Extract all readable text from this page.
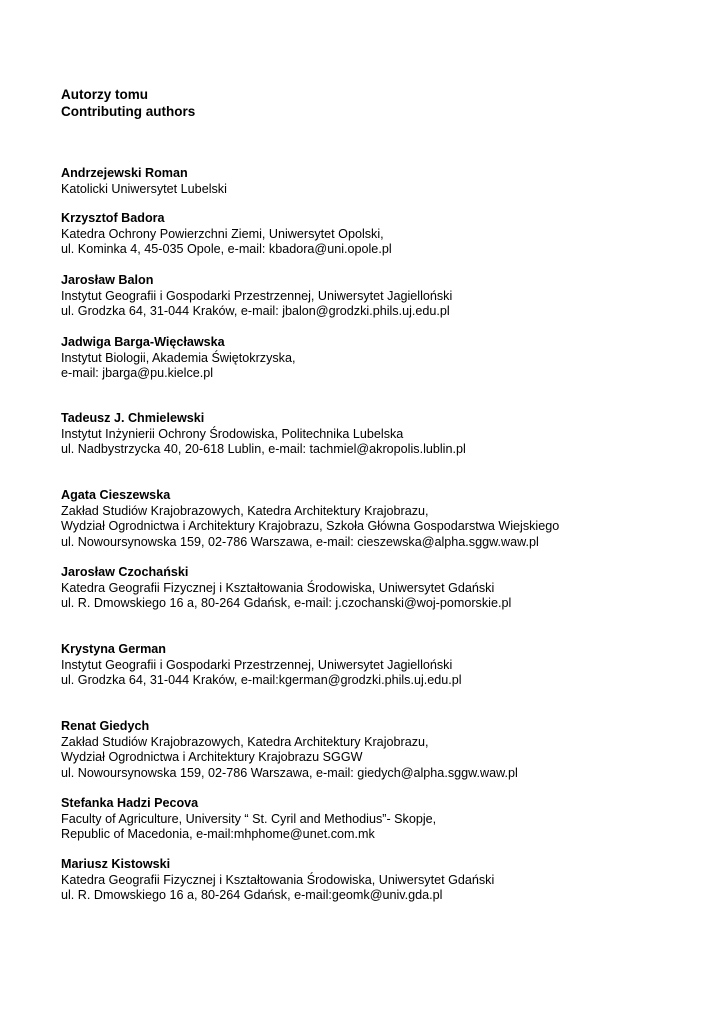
Autorzy tomu
Contributing authors
Andrzejewski Roman
Katolicki Uniwersytet Lubelski
Krzysztof Badora
Katedra Ochrony Powierzchni Ziemi, Uniwersytet Opolski,
ul. Kominka 4, 45-035 Opole, e-mail: kbadora@uni.opole.pl
Jarosław Balon
Instytut Geografii i Gospodarki Przestrzennej, Uniwersytet Jagielloński
ul. Grodzka 64, 31-044 Kraków, e-mail: jbalon@grodzki.phils.uj.edu.pl
Jadwiga Barga-Więcławska
Instytut Biologii, Akademia Świętokrzyska,
e-mail: jbarga@pu.kielce.pl
Tadeusz J. Chmielewski
Instytut Inżynierii Ochrony Środowiska, Politechnika Lubelska
ul. Nadbystrzycka 40, 20-618 Lublin, e-mail: tachmiel@akropolis.lublin.pl
Agata Cieszewska
Zakład Studiów Krajobrazowych, Katedra Architektury Krajobrazu,
Wydział Ogrodnictwa i Architektury Krajobrazu, Szkoła Główna Gospodarstwa Wiejskiego
ul. Nowoursynowska 159, 02-786 Warszawa, e-mail: cieszewska@alpha.sggw.waw.pl
Jarosław Czochański
Katedra Geografii Fizycznej i Kształtowania Środowiska, Uniwersytet Gdański
ul. R. Dmowskiego 16 a, 80-264 Gdańsk, e-mail: j.czochanski@woj-pomorskie.pl
Krystyna German
Instytut Geografii i Gospodarki Przestrzennej, Uniwersytet Jagielloński
ul. Grodzka 64, 31-044 Kraków, e-mail:kgerman@grodzki.phils.uj.edu.pl
Renat Giedych
Zakład Studiów Krajobrazowych, Katedra Architektury Krajobrazu,
Wydział Ogrodnictwa i Architektury Krajobrazu SGGW
ul. Nowoursynowska 159, 02-786 Warszawa, e-mail: giedych@alpha.sggw.waw.pl
Stefanka Hadzi Pecova
Faculty of Agriculture, University “ St. Cyril and Methodius”- Skopje,
Republic of Macedonia, e-mail:mhphome@unet.com.mk
Mariusz Kistowski
Katedra Geografii Fizycznej i Kształtowania Środowiska, Uniwersytet Gdański
ul. R. Dmowskiego 16 a, 80-264 Gdańsk, e-mail:geomk@univ.gda.pl
